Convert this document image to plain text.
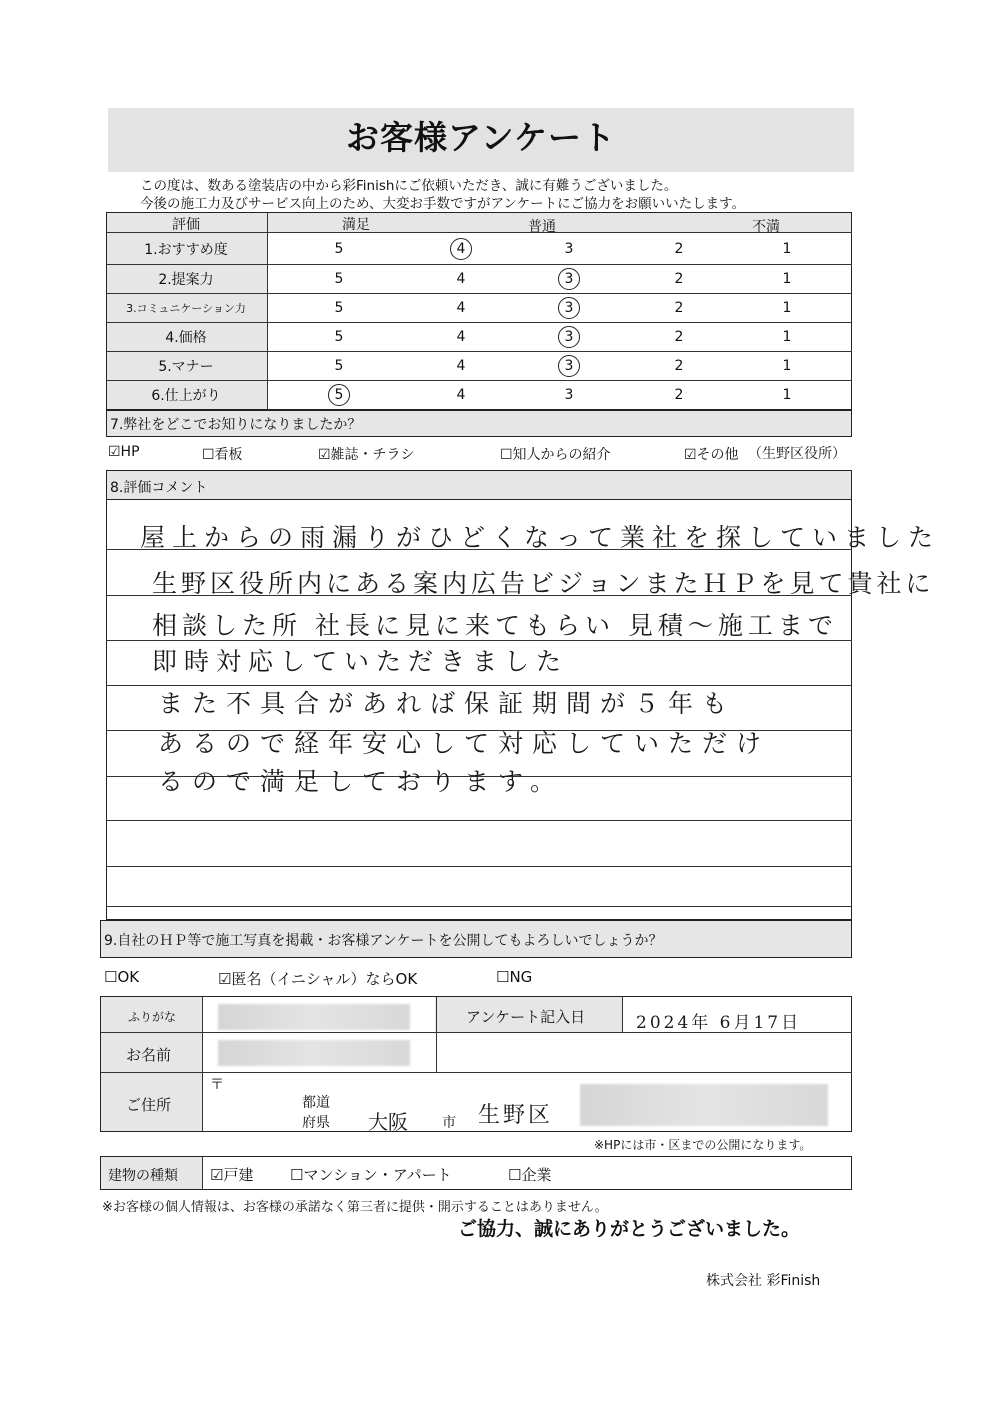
お客様アンケート
この度は、数ある塗装店の中から彩Finishにご依頼いただき、誠に有難うございました。
今後の施工力及びサービス向上のため、大変お手数ですがアンケートにご協力をお願いいたします。
評価	満足	普通	不満
1.おすすめ度	5	4	3	2	1
2.提案力	5	4	3	2	1
3.コミュニケーション力	5	4	3	2	1
4.価格	5	4	3	2	1
5.マナー	5	4	3	2	1
6.仕上がり	5	4	3	2	1
7.弊社をどこでお知りになりましたか？
☑HP	☐看板	☑雑誌・チラシ	☐知人からの紹介	☑その他 （生野区役所）
8.評価コメント
屋上からの雨漏りがひどくなって業社を探していました
生野区役所内にある案内広告ビジョンまたＨＰを見て貴社に
相談した所 社長に見に来てもらい 見積〜施工まで
即時対応していただきました
また不具合があれば保証期間が５年も
あるので経年安心して対応していただけ
るので満足しております。
9.自社のＨＰ等で施工写真を掲載・お客様アンケートを公開してもよろしいでしょうか？
☐OK	☑匿名（イニシャル）ならOK	☐NG
ふりがな
お名前
アンケート記入日	2024年 6月17日
ご住所
〒
都道
府県 大阪 市 生野区
※HPには市・区までの公開になります。
建物の種類 ☑戸建 ☐マンション・アパート	☐企業
※お客様の個人情報は、お客様の承諾なく第三者に提供・開示することはありません。
ご協力、誠にありがとうございました。
株式会社 彩Finish
